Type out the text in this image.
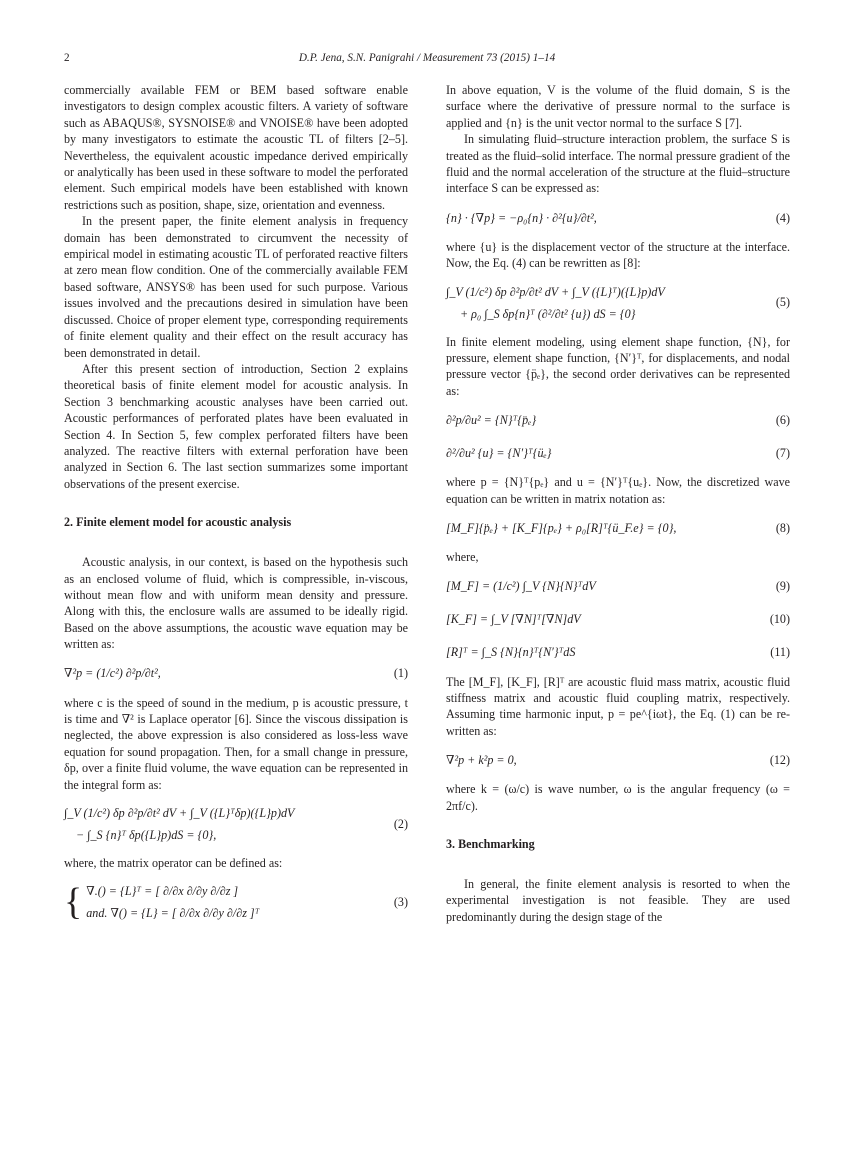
2	D.P. Jena, S.N. Panigrahi / Measurement 73 (2015) 1–14

commercially available FEM or BEM based software enable investigators to design complex acoustic filters. A variety of software such as ABAQUS®, SYSNOISE® and VNOISE® have been adopted by many investigators to estimate the acoustic TL of filters [2–5]. Nevertheless, the equivalent acoustic impedance derived empirically or analytically has been used in these software to model the perforated element. Such empirical models have been established with known restrictions such as position, shape, size, orientation and evenness.

In the present paper, the finite element analysis in frequency domain has been demonstrated to circumvent the necessity of empirical model in estimating acoustic TL of perforated reactive filters at zero mean flow condition. One of the commercially available FEM based software, ANSYS® has been used for such purpose. Various issues involved and the precautions desired in simulation have been discussed. Choice of proper element type, corresponding requirements of finite element quality and their effect on the result accuracy has been demonstrated in detail.

After this present section of introduction, Section 2 explains theoretical basis of finite element model for acoustic analysis. In Section 3 benchmarking acoustic analyses have been carried out. Acoustic performances of perforated plates have been evaluated in Section 4. In Section 5, few complex perforated filters have been analyzed. The reactive filters with external perforation have been analyzed in Section 6. The last section summarizes some important observations of the present exercise.

2. Finite element model for acoustic analysis

Acoustic analysis, in our context, is based on the hypothesis such as an enclosed volume of fluid, which is compressible, in-viscous, without mean flow and with uniform mean density and pressure. Along with this, the enclosure walls are assumed to be ideally rigid. Based on the above assumptions, the acoustic wave equation may be written as:

∇²p = (1/c²) ∂²p/∂t²,	(1)

where c is the speed of sound in the medium, p is acoustic pressure, t is time and ∇² is Laplace operator [6]. Since the viscous dissipation is neglected, the above expression is also considered as loss-less wave equation for sound propagation. Then, for a small change in pressure, δp, over a finite fluid volume, the wave equation can be represented in the integral form as:

∫_V (1/c²) δp ∂²p/∂t² dV + ∫_V ({L}ᵀδp)({L}p)dV
− ∫_S {n}ᵀ δp({L}p)dS = {0},
(2)

where, the matrix operator can be defined as:

{ ∇.() = {L}ᵀ = [ ∂/∂x ∂/∂y ∂/∂z ]
and. ∇() = {L} = [ ∂/∂x ∂/∂y ∂/∂z ]ᵀ
(3)

In above equation, V is the volume of the fluid domain, S is the surface where the derivative of pressure normal to the surface is applied and {n} is the unit vector normal to the surface S [7].

In simulating fluid–structure interaction problem, the surface S is treated as the fluid–solid interface. The normal pressure gradient of the fluid and the normal acceleration of the structure at the fluid–structure interface S can be expressed as:

{n} · {∇p} = −ρ₀{n} · ∂²{u}/∂t²,	(4)

where {u} is the displacement vector of the structure at the interface. Now, the Eq. (4) can be rewritten as [8]:

∫_V (1/c²) δp ∂²p/∂t² dV + ∫_V ({L}ᵀ)({L}p)dV
+ ρ₀ ∫_S δp{n}ᵀ (∂²/∂t² {u}) dS = {0}
(5)

In finite element modeling, using element shape function, {N}, for pressure, element shape function, {N′}ᵀ, for displacements, and nodal pressure vector {p̈ₑ}, the second order derivatives can be represented as:

∂²p/∂u² = {N}ᵀ{p̈ₑ}	(6)
∂²/∂u² {u} = {N′}ᵀ{üₑ}	(7)

where p = {N}ᵀ{pₑ} and u = {N′}ᵀ{uₑ}. Now, the discretized wave equation can be written in matrix notation as:

[M_F]{p̈ₑ} + [K_F]{pₑ} + ρ₀[R]ᵀ{ü_F.e} = {0},	(8)

where,

[M_F] = (1/c²) ∫_V {N}{N}ᵀdV	(9)
[K_F] = ∫_V [∇N]ᵀ[∇N]dV	(10)
[R]ᵀ = ∫_S {N}{n}ᵀ{N′}ᵀdS	(11)

The [M_F], [K_F], [R]ᵀ are acoustic fluid mass matrix, acoustic fluid stiffness matrix and acoustic fluid coupling matrix, respectively. Assuming time harmonic input, p = pe^{iωt}, the Eq. (1) can be re-written as:

∇²p + k²p = 0,	(12)

where k = (ω/c) is wave number, ω is the angular frequency (ω = 2πf/c).

3. Benchmarking

In general, the finite element analysis is resorted to when the experimental investigation is not feasible. They are used predominantly during the design stage of the
